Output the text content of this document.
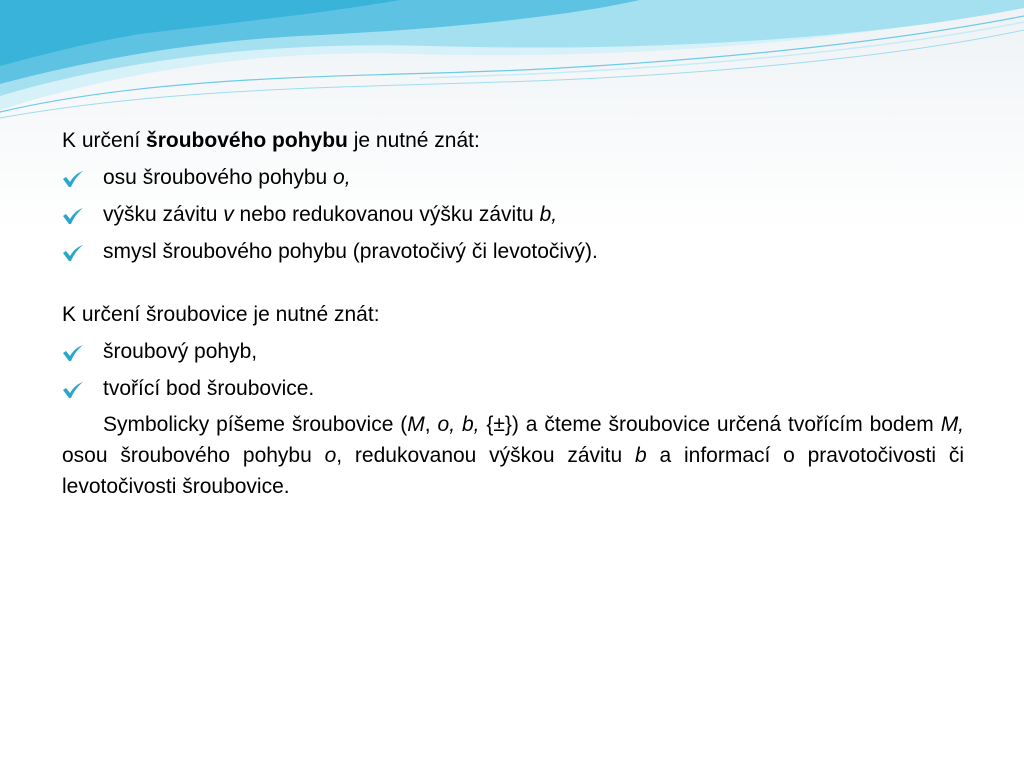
K určení šroubového pohybu je nutné znát:

osu šroubového pohybu o,
výšku závitu v nebo redukovanou výšku závitu b,
smysl šroubového pohybu (pravotočivý či levotočivý).

K určení šroubovice je nutné znát:

šroubový pohyb,
tvořící bod šroubovice.

Symbolicky píšeme šroubovice (M, o, b, {±}) a čteme šroubovice určená tvořícím bodem M, osou šroubového pohybu o, redukovanou výškou závitu b a informací o pravotočivosti či levotočivosti šroubovice.
